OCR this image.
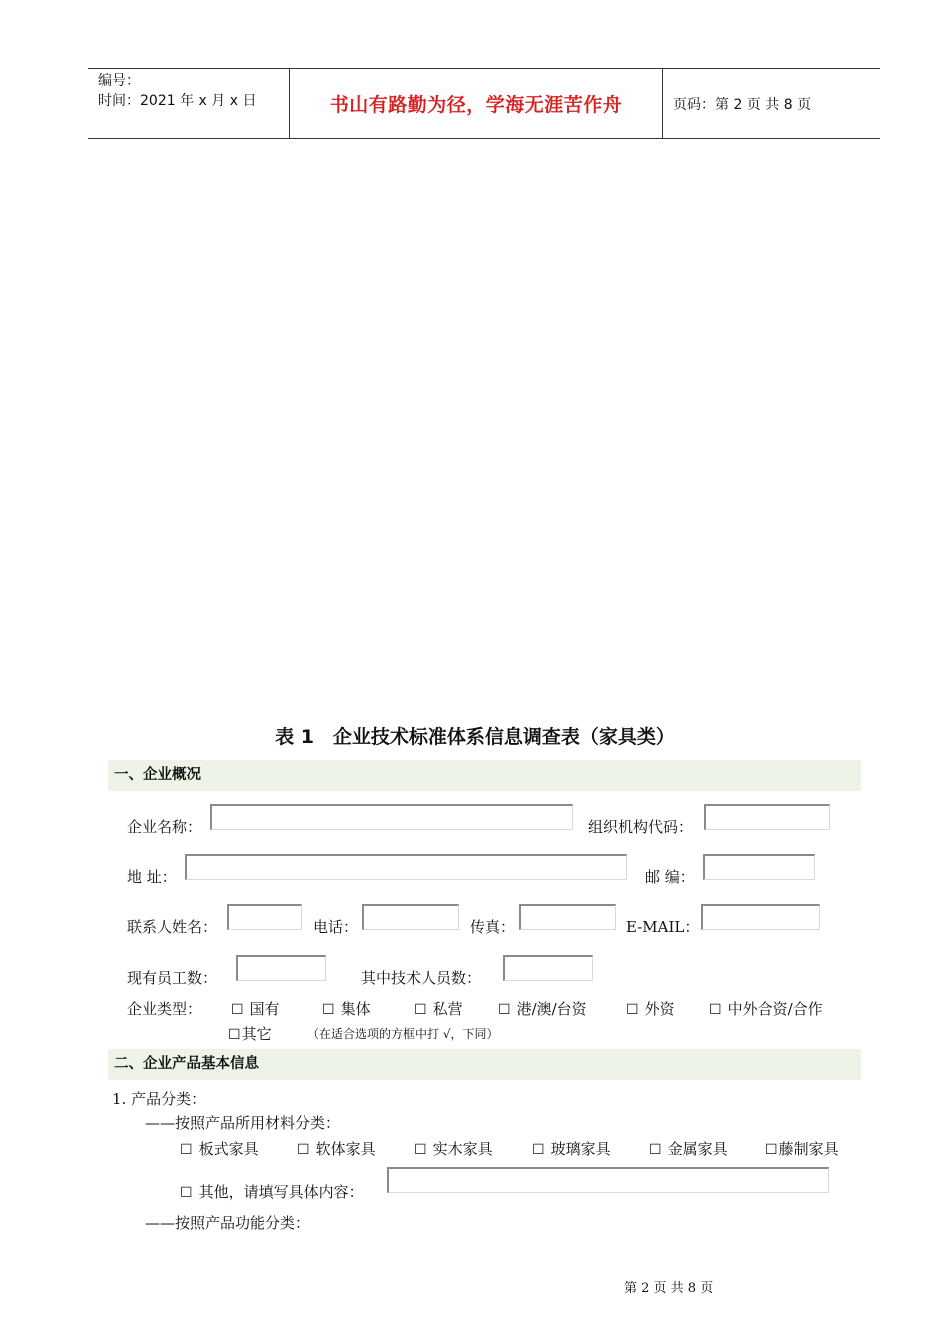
编号：
时间：2021 年 x 月 x 日	书山有路勤为径，学海无涯苦作舟	页码：第 2 页 共 8 页
表 1　企业技术标准体系信息调查表（家具类）
一、企业概况
企业名称：	组织机构代码：
地 址：	邮 编：
联系人姓名：	电话：	传真：	E-MAIL：
现有员工数：	其中技术人员数：
企业类型： ☐ 国有	☐ 集体	☐ 私营	☐ 港/澳/台资	☐ 外资 ☐ 中外合资/合作
☐其它	（在适合选项的方框中打 √，下同）
二、企业产品基本信息
1. 产品分类：
——按照产品所用材料分类：
☐ 板式家具	☐ 软体家具	☐ 实木家具	☐ 玻璃家具	☐ 金属家具	☐藤制家具
☐ 其他，请填写具体内容：
——按照产品功能分类：
第 2 页 共 8 页
